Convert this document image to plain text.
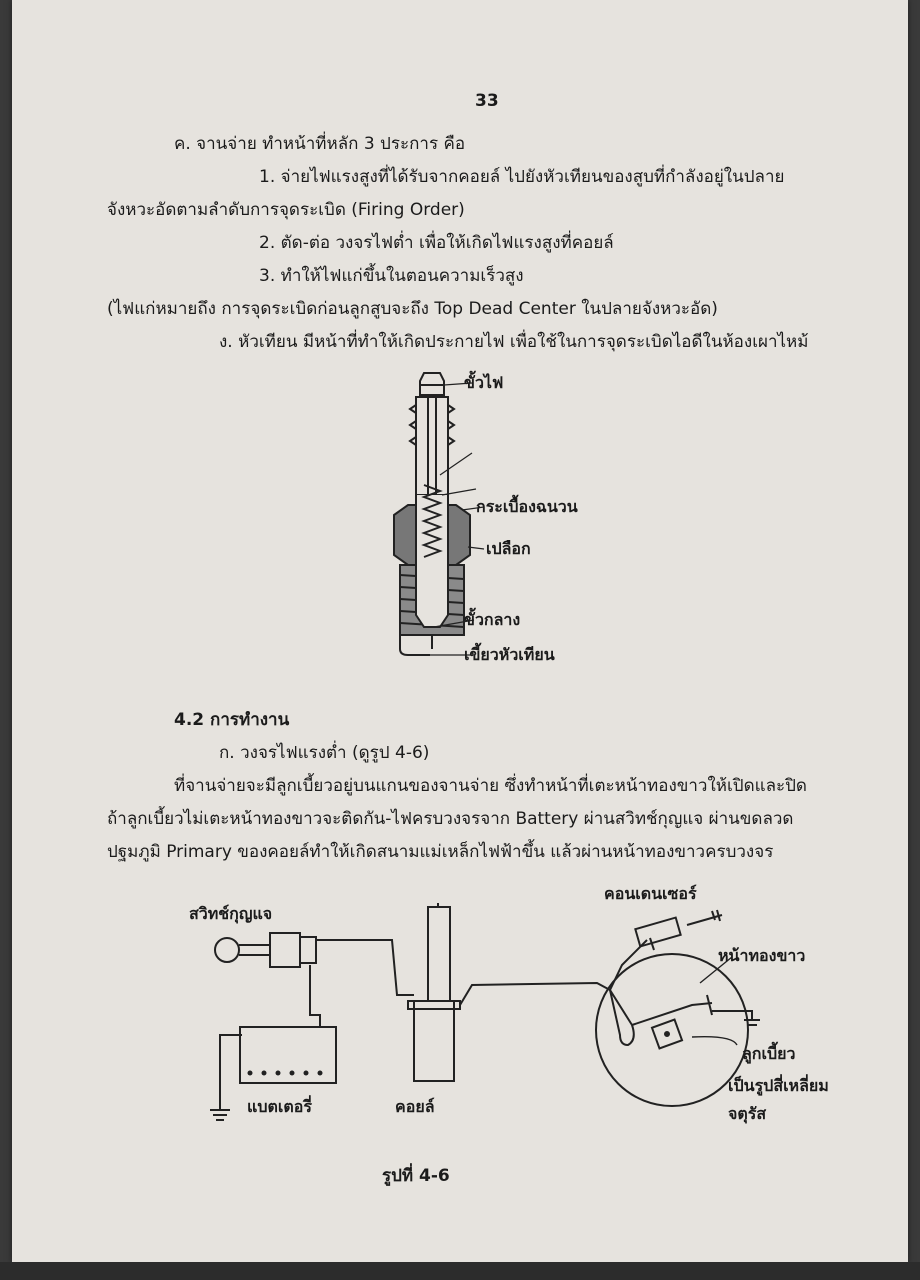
33
ค. จานจ่าย ทำหน้าที่หลัก 3 ประการ คือ
1. จ่ายไฟแรงสูงที่ได้รับจากคอยล์ ไปยังหัวเทียนของสูบที่กำลังอยู่ในปลาย
จังหวะอัดตามลำดับการจุดระเบิด (Firing Order)
2. ตัด-ต่อ วงจรไฟต่ำ เพื่อให้เกิดไฟแรงสูงที่คอยล์
3. ทำให้ไฟแก่ขึ้นในตอนความเร็วสูง
(ไฟแก่หมายถึง การจุดระเบิดก่อนลูกสูบจะถึง Top Dead Center ในปลายจังหวะอัด)
ง. หัวเทียน มีหน้าที่ทำให้เกิดประกายไฟ เพื่อใช้ในการจุดระเบิดไอดีในห้องเผาไหม้
ขั้วไฟ
กระเบื้องฉนวน
เปลือก
ขั้วกลาง
เขี้ยวหัวเทียน
4.2 การทำงาน
ก. วงจรไฟแรงต่ำ (ดูรูป 4-6)
ที่จานจ่ายจะมีลูกเบี้ยวอยู่บนแกนของจานจ่าย ซึ่งทำหน้าที่เตะหน้าทองขาวให้เปิดและปิด
ถ้าลูกเบี้ยวไม่เตะหน้าทองขาวจะติดกัน-ไฟครบวงจรจาก Battery ผ่านสวิทช์กุญแจ ผ่านขดลวด
ปฐมภูมิ Primary ของคอยล์ทำให้เกิดสนามแม่เหล็กไฟฟ้าขึ้น แล้วผ่านหน้าทองขาวครบวงจร
สวิทช์กุญแจ
แบตเตอรี่	คอยล์
คอนเดนเซอร์
หน้าทองขาว
ลูกเบี้ยว
เป็นรูปสี่เหลี่ยม
จตุรัส
รูปที่ 4-6
